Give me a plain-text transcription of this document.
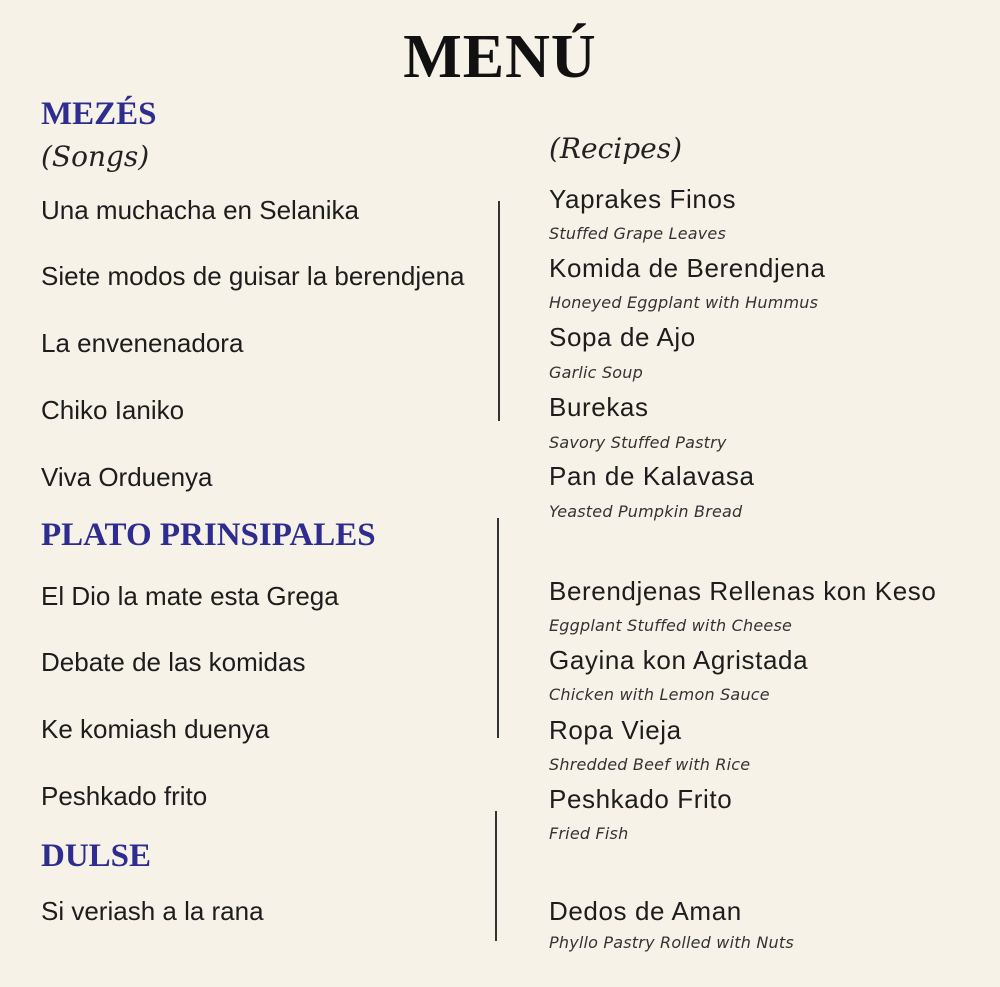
MENÚ
MEZÉS
(Songs)	(Recipes)
PLATO PRINSIPALES
DULSE
Una muchacha en Selanika
Siete modos de guisar la berendjena
La envenenadora
Chiko Ianiko
Viva Orduenya
El Dio la mate esta Grega
Debate de las komidas
Ke komiash duenya
Peshkado frito
Si veriash a la rana
Yaprakes Finos
Stuffed Grape Leaves
Komida de Berendjena
Honeyed Eggplant with Hummus
Sopa de Ajo
Garlic Soup
Burekas
Savory Stuffed Pastry
Pan de Kalavasa
Yeasted Pumpkin Bread
Berendjenas Rellenas kon Keso
Eggplant Stuffed with Cheese
Gayina kon Agristada
Chicken with Lemon Sauce
Ropa Vieja
Shredded Beef with Rice
Peshkado Frito
Fried Fish
Dedos de Aman
Phyllo Pastry Rolled with Nuts
